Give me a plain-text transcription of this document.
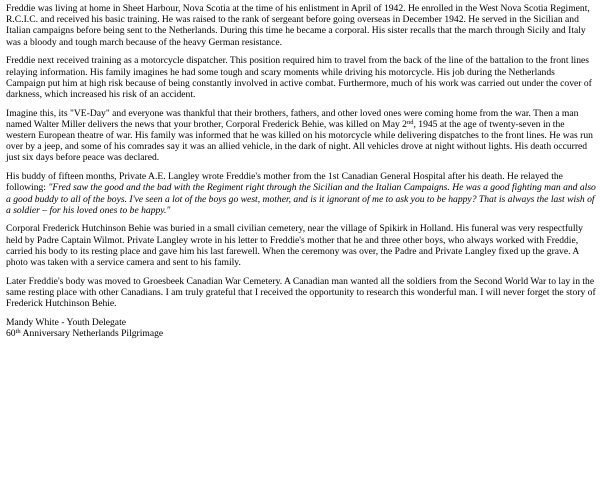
Freddie was living at home in Sheet Harbour, Nova Scotia at the time of his enlistment in April of 1942. He enrolled in the West Nova Scotia Regiment, R.C.I.C. and received his basic training. He was raised to the rank of sergeant before going overseas in December 1942. He served in the Sicilian and Italian campaigns before being sent to the Netherlands. During this time he became a corporal. His sister recalls that the march through Sicily and Italy was a bloody and tough march because of the heavy German resistance.

Freddie next received training as a motorcycle dispatcher. This position required him to travel from the back of the line of the battalion to the front lines relaying information. His family imagines he had some tough and scary moments while driving his motorcycle. His job during the Netherlands Campaign put him at high risk because of being constantly involved in active combat. Furthermore, much of his work was carried out under the cover of darkness, which increased his risk of an accident.

Imagine this, its "VE-Day" and everyone was thankful that their brothers, fathers, and other loved ones were coming home from the war. Then a man named Walter Miller delivers the news that your brother, Corporal Frederick Behie, was killed on May 2nd, 1945 at the age of twenty-seven in the western European theatre of war. His family was informed that he was killed on his motorcycle while delivering dispatches to the front lines. He was run over by a jeep, and some of his comrades say it was an allied vehicle, in the dark of night. All vehicles drove at night without lights. His death occurred just six days before peace was declared.

His buddy of fifteen months, Private A.E. Langley wrote Freddie's mother from the 1st Canadian General Hospital after his death. He relayed the following: "Fred saw the good and the bad with the Regiment right through the Sicilian and the Italian Campaigns. He was a good fighting man and also a good buddy to all of the boys. I've seen a lot of the boys go west, mother, and is it ignorant of me to ask you to be happy? That is always the last wish of a soldier – for his loved ones to be happy."

Corporal Frederick Hutchinson Behie was buried in a small civilian cemetery, near the village of Spikirk in Holland. His funeral was very respectfully held by Padre Captain Wilmot. Private Langley wrote in his letter to Freddie's mother that he and three other boys, who always worked with Freddie, carried his body to its resting place and gave him his last farewell. When the ceremony was over, the Padre and Private Langley fixed up the grave. A photo was taken with a service camera and sent to his family.

Later Freddie's body was moved to Groesbeek Canadian War Cemetery. A Canadian man wanted all the soldiers from the Second World War to lay in the same resting place with other Canadians. I am truly grateful that I received the opportunity to research this wonderful man. I will never forget the story of Frederick Hutchinson Behie.

Mandy White - Youth Delegate
60th Anniversary Netherlands Pilgrimage
